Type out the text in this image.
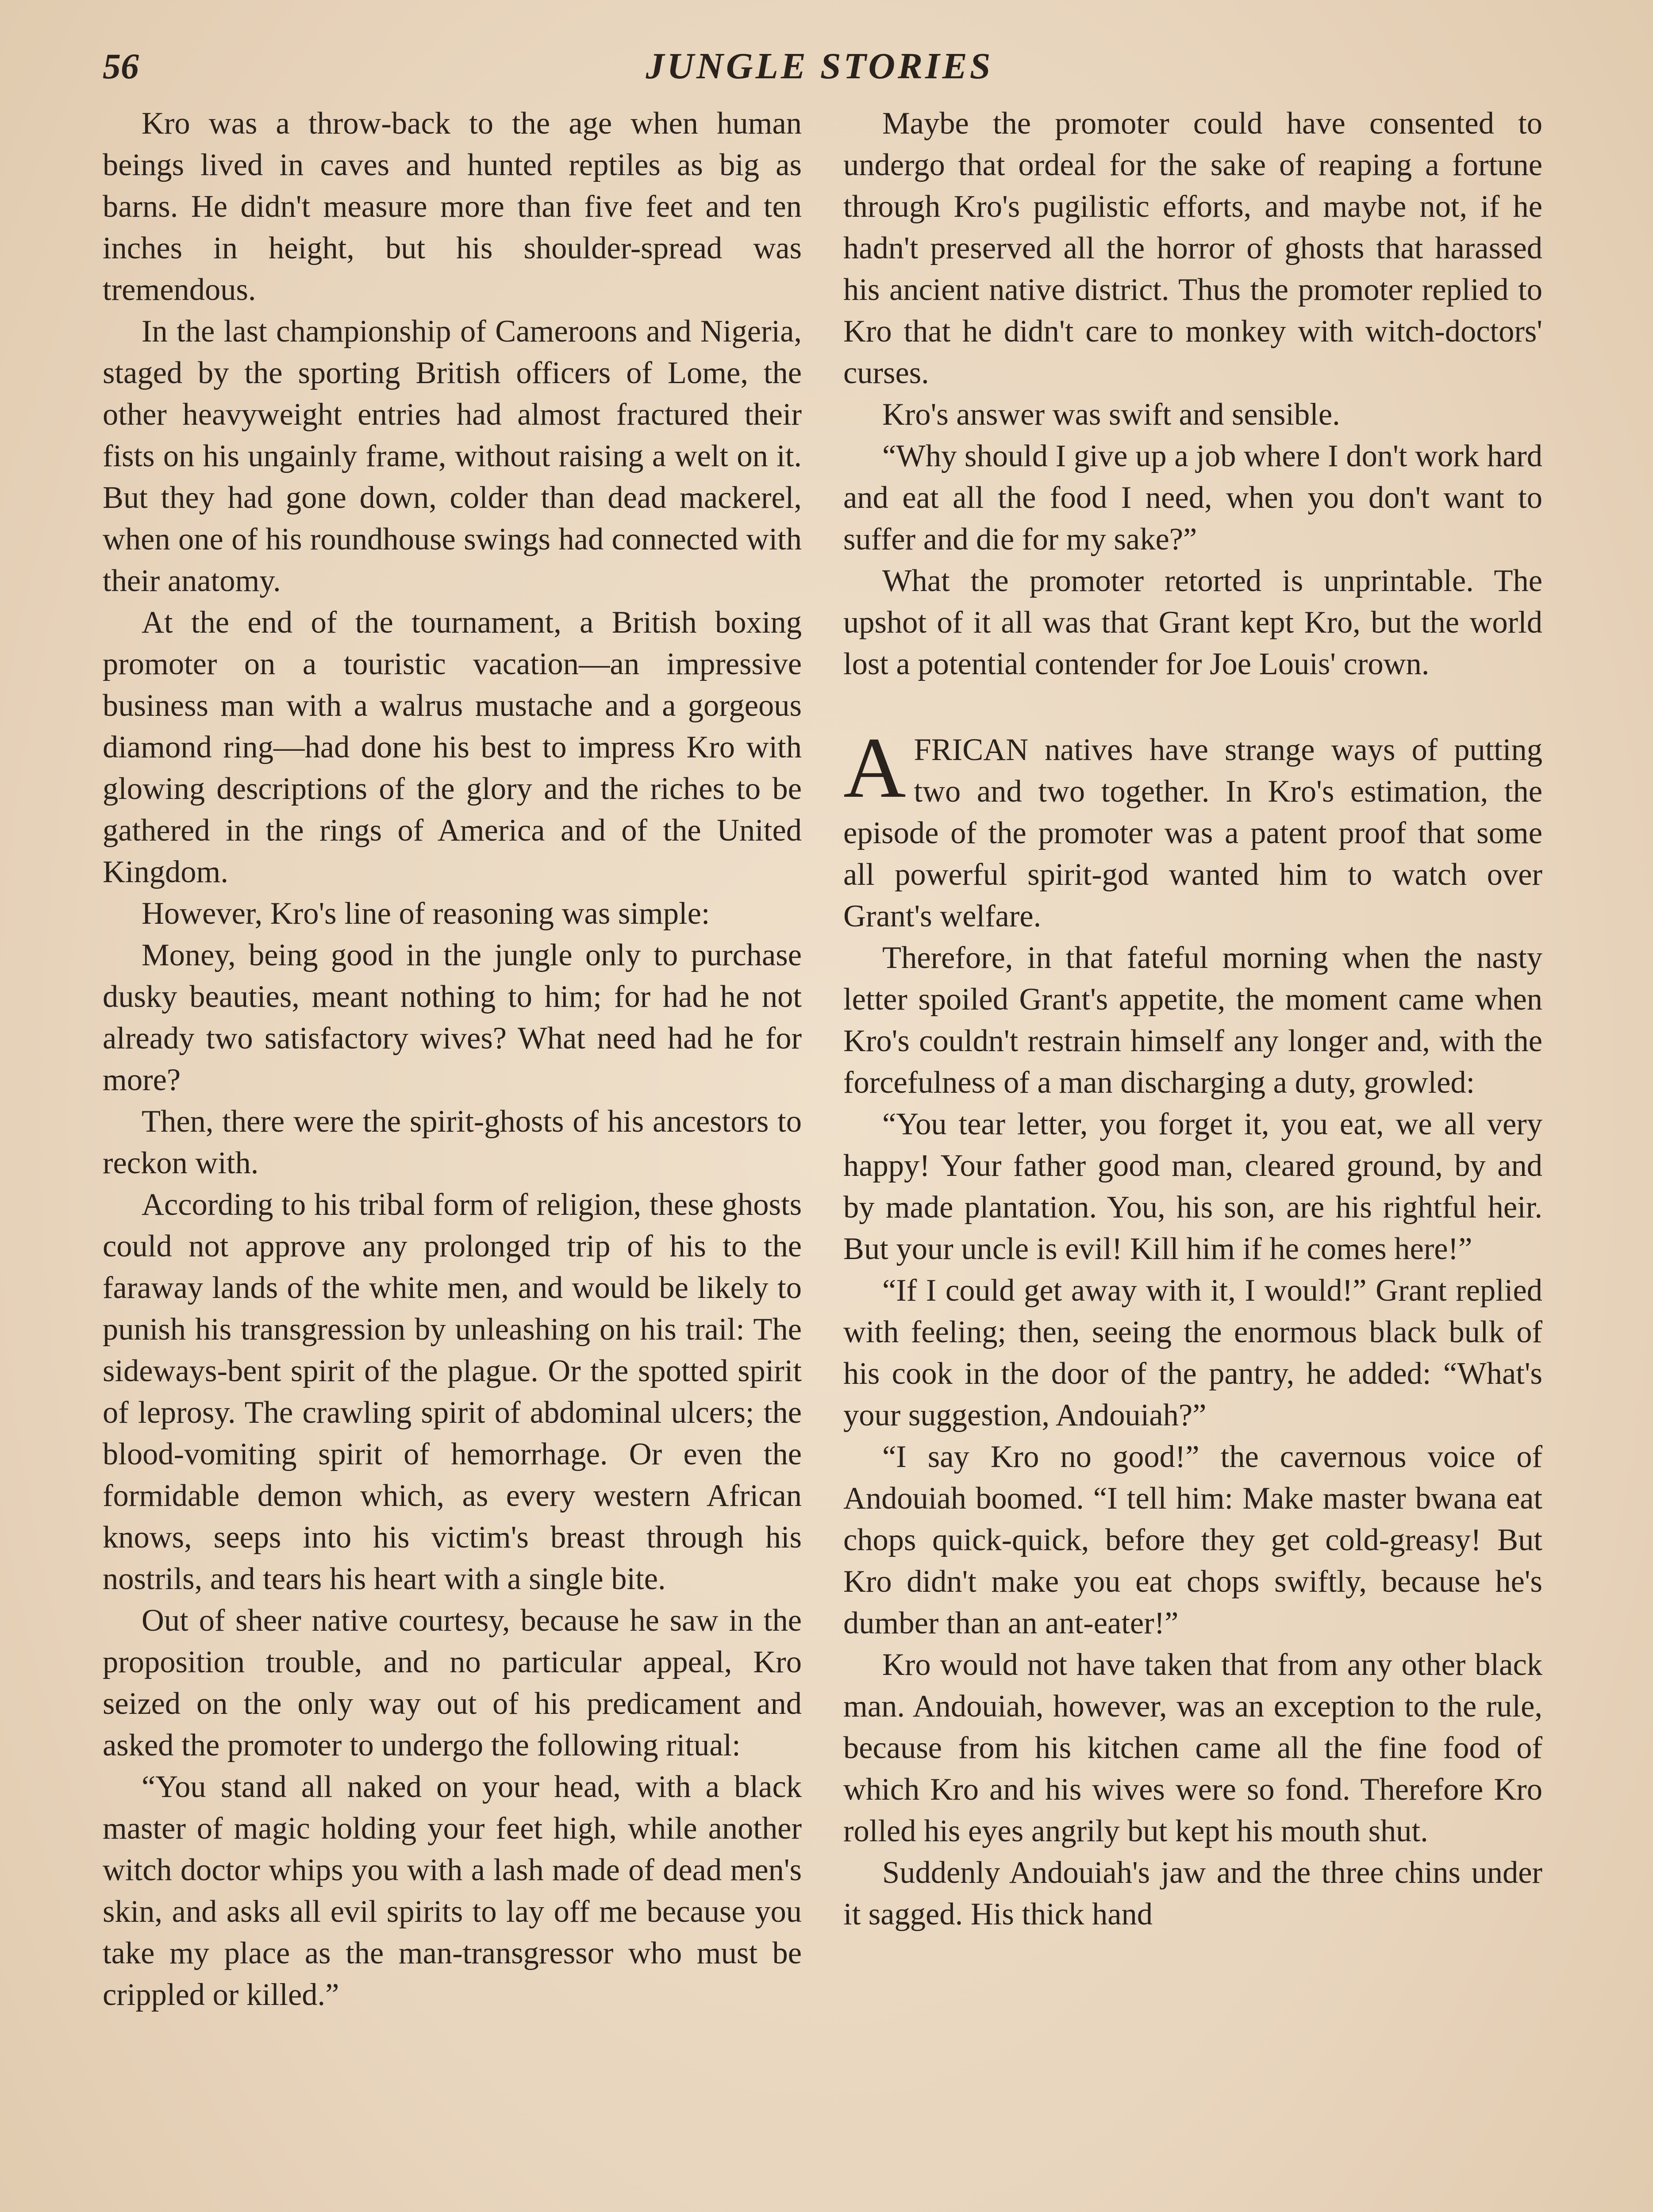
56	JUNGLE STORIES

Kro was a throw-back to the age when human beings lived in caves and hunted reptiles as big as barns. He didn't measure more than five feet and ten inches in height, but his shoulder-spread was tremendous.

In the last championship of Cameroons and Nigeria, staged by the sporting British officers of Lome, the other heavyweight entries had almost fractured their fists on his ungainly frame, without raising a welt on it. But they had gone down, colder than dead mackerel, when one of his roundhouse swings had connected with their anatomy.

At the end of the tournament, a British boxing promoter on a touristic vacation—an impressive business man with a walrus mustache and a gorgeous diamond ring—had done his best to impress Kro with glowing descriptions of the glory and the riches to be gathered in the rings of America and of the United Kingdom.

However, Kro's line of reasoning was simple:

Money, being good in the jungle only to purchase dusky beauties, meant nothing to him; for had he not already two satisfactory wives? What need had he for more?

Then, there were the spirit-ghosts of his ancestors to reckon with.

According to his tribal form of religion, these ghosts could not approve any prolonged trip of his to the faraway lands of the white men, and would be likely to punish his transgression by unleashing on his trail: The sideways-bent spirit of the plague. Or the spotted spirit of leprosy. The crawling spirit of abdominal ulcers; the blood-vomiting spirit of hemorrhage. Or even the formidable demon which, as every western African knows, seeps into his victim's breast through his nostrils, and tears his heart with a single bite.

Out of sheer native courtesy, because he saw in the proposition trouble, and no particular appeal, Kro seized on the only way out of his predicament and asked the promoter to undergo the following ritual:

“You stand all naked on your head, with a black master of magic holding your feet high, while another witch doctor whips you with a lash made of dead men's skin, and asks all evil spirits to lay off me because you take my place as the man-transgressor who must be crippled or killed.”

Maybe the promoter could have consented to undergo that ordeal for the sake of reaping a fortune through Kro's pugilistic efforts, and maybe not, if he hadn't preserved all the horror of ghosts that harassed his ancient native district. Thus the promoter replied to Kro that he didn't care to monkey with witch-doctors' curses.

Kro's answer was swift and sensible.

“Why should I give up a job where I don't work hard and eat all the food I need, when you don't want to suffer and die for my sake?”

What the promoter retorted is unprintable. The upshot of it all was that Grant kept Kro, but the world lost a potential contender for Joe Louis' crown.

AFRICAN natives have strange ways of putting two and two together. In Kro's estimation, the episode of the promoter was a patent proof that some all powerful spirit-god wanted him to watch over Grant's welfare.

Therefore, in that fateful morning when the nasty letter spoiled Grant's appetite, the moment came when Kro's couldn't restrain himself any longer and, with the forcefulness of a man discharging a duty, growled:

“You tear letter, you forget it, you eat, we all very happy! Your father good man, cleared ground, by and by made plantation. You, his son, are his rightful heir. But your uncle is evil! Kill him if he comes here!”

“If I could get away with it, I would!” Grant replied with feeling; then, seeing the enormous black bulk of his cook in the door of the pantry, he added: “What's your suggestion, Andouiah?”

“I say Kro no good!” the cavernous voice of Andouiah boomed. “I tell him: Make master bwana eat chops quick-quick, before they get cold-greasy! But Kro didn't make you eat chops swiftly, because he's dumber than an ant-eater!”

Kro would not have taken that from any other black man. Andouiah, however, was an exception to the rule, because from his kitchen came all the fine food of which Kro and his wives were so fond. Therefore Kro rolled his eyes angrily but kept his mouth shut.

Suddenly Andouiah's jaw and the three chins under it sagged. His thick hand
